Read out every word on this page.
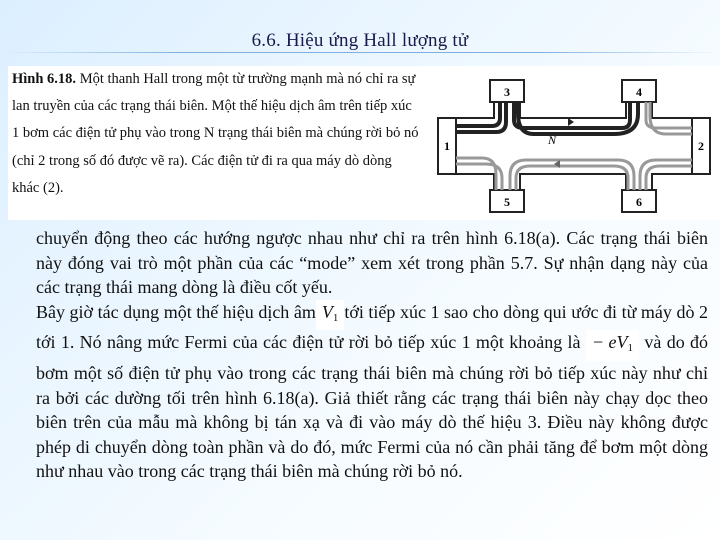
6.6. Hiệu ứng Hall lượng tử
Hình 6.18. Một thanh Hall trong một từ trường mạnh mà nó chỉ ra sự lan truyền của các trạng thái biên. Một thế hiệu dịch âm trên tiếp xúc 1 bơm các điện tử phụ vào trong N trạng thái biên mà chúng rời bỏ nó (chỉ 2 trong số đó được vẽ ra). Các điện tử đi ra qua máy dò dòng khác (2).
3	4
1	2
5	6
N

chuyển động theo các hướng ngược nhau như chỉ ra trên hình 6.18(a). Các trạng thái biên này đóng vai trò một phần của các “mode” xem xét trong phần 5.7. Sự nhận dạng này của các trạng thái mang dòng là điều cốt yếu.

Bây giờ tác dụng một thế hiệu dịch âm $V_1$ tới tiếp xúc 1 sao cho dòng qui ước đi từ máy dò 2 tới 1. Nó nâng mức Fermi của các điện tử rời bỏ tiếp xúc 1 một khoảng là − $eV_1$ và do đó bơm một số điện tử phụ vào trong các trạng thái biên mà chúng rời bỏ tiếp xúc này như chỉ ra bởi các dường tối trên hình 6.18(a). Giả thiết rằng các trạng thái biên này chạy dọc theo biên trên của mẫu mà không bị tán xạ và đi vào máy dò thế hiệu 3. Điều này không được phép di chuyển dòng toàn phần và do đó, mức Fermi của nó cần phải tăng để bơm một dòng như nhau vào trong các trạng thái biên mà chúng rời bỏ nó.
